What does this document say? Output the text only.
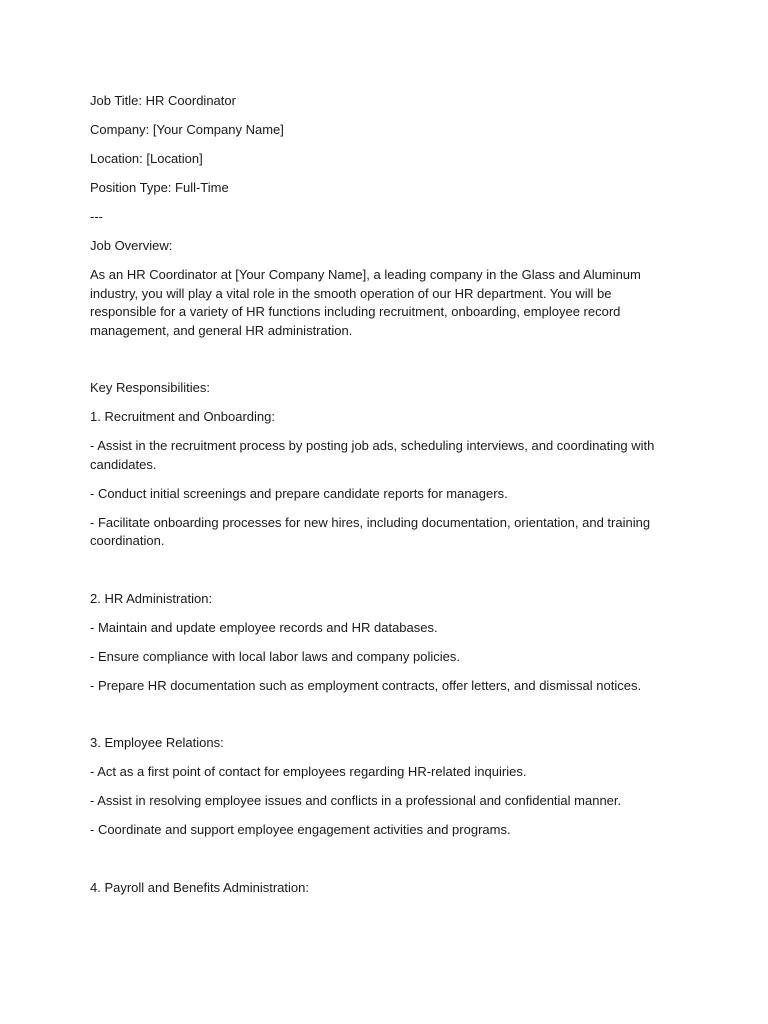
Job Title: HR Coordinator

Company: [Your Company Name]

Location: [Location]

Position Type: Full-Time

---

Job Overview:

As an HR Coordinator at [Your Company Name], a leading company in the Glass and Aluminum industry, you will play a vital role in the smooth operation of our HR department. You will be responsible for a variety of HR functions including recruitment, onboarding, employee record management, and general HR administration.

Key Responsibilities:

1. Recruitment and Onboarding:

- Assist in the recruitment process by posting job ads, scheduling interviews, and coordinating with candidates.

- Conduct initial screenings and prepare candidate reports for managers.

- Facilitate onboarding processes for new hires, including documentation, orientation, and training coordination.

2. HR Administration:

- Maintain and update employee records and HR databases.

- Ensure compliance with local labor laws and company policies.

- Prepare HR documentation such as employment contracts, offer letters, and dismissal notices.

3. Employee Relations:

- Act as a first point of contact for employees regarding HR-related inquiries.

- Assist in resolving employee issues and conflicts in a professional and confidential manner.

- Coordinate and support employee engagement activities and programs.

4. Payroll and Benefits Administration:
